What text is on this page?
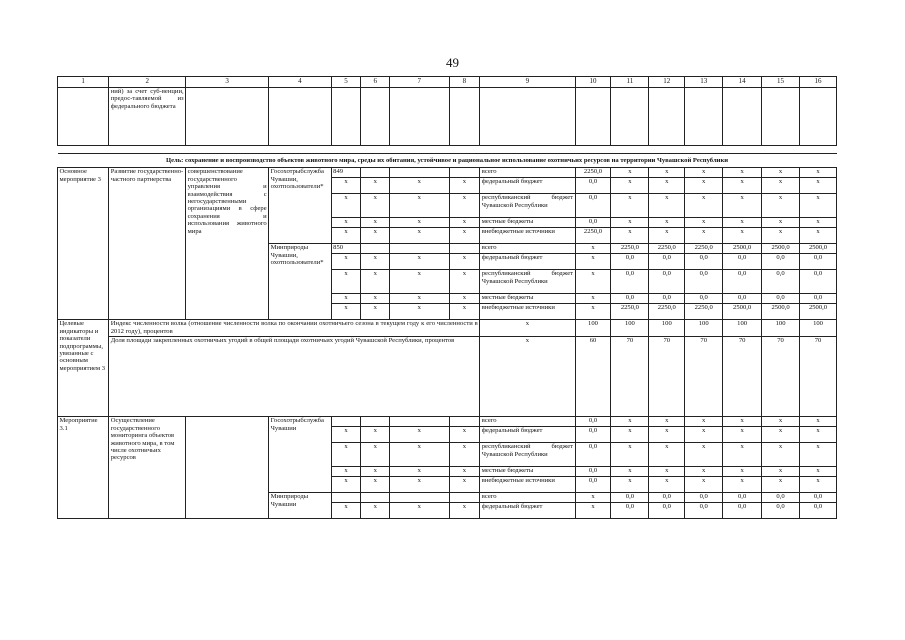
49
1	2	3	4	5	6	7	8	9	10	11	12	13	14	15	16
	ний) за счет суб-венции, предос-тавляемой из федерального бюджета														

Цель: сохранение и воспроизводство объектов животного мира, среды их обитания, устойчивое и рациональное использование охотничьих ресурсов на территории Чувашской Республики															
Основное мероприятие 3	Развитие государственно-частного партнерства	совершенствование государственного управления и взаимодействия с негосударственными организациями в сфере сохранения и использования животного мира	Госохотрыбслужба Чувашии, охотпользователи*	849				всего	2250,0	x	x	x	x	x	x
				x	x	x	x	федеральный бюджет	0,0	x	x	x	x	x	x
				x	x	x	x	республиканский бюджет Чувашской Республики	0,0	x	x	x	x	x	x
				x	x	x	x	местные бюджеты	0,0	x	x	x	x	x	x
				x	x	x	x	внебюджетные источники	2250,0	x	x	x	x	x	x
			Минприроды Чувашии, охотпользователи*	850				всего	x	2250,0	2250,0	2250,0	2500,0	2500,0	2500,0
				x	x	x	x	федеральный бюджет	x	0,0	0,0	0,0	0,0	0,0	0,0
				x	x	x	x	республиканский бюджет Чувашской Республики	x	0,0	0,0	0,0	0,0	0,0	0,0
				x	x	x	x	местные бюджеты	x	0,0	0,0	0,0	0,0	0,0	0,0
				x	x	x	x	внебюджетные источники	x	2250,0	2250,0	2250,0	2500,0	2500,0	2500,0
Целевые индикаторы и показатели подпрограммы, увязанные с основным мероприятием 3	Индекс численности волка (отношение численности волка по окончании охотничьего сезона в текущем году к его численности в 2012 году), процентов							x	100	100	100	100	100	100	100
	Доля площади закрепленных охотничьих угодий в общей площади охотничьих угодий Чувашской Республики, процентов							x	60	70	70	70	70	70	70
Мероприятие 3.1	Осуществление государственного мониторинга объектов животного мира, в том числе охотничьих ресурсов		Госохотрыбслужба Чувашии					всего	0,0	x	x	x	x	x	x
				x	x	x	x	федеральный бюджет	0,0	x	x	x	x	x	x
				x	x	x	x	республиканский бюджет Чувашской Республики	0,0	x	x	x	x	x	x
				x	x	x	x	местные бюджеты	0,0	x	x	x	x	x	x
				x	x	x	x	внебюджетные источники	0,0	x	x	x	x	x	x
			Минприроды Чувашии					всего	x	0,0	0,0	0,0	0,0	0,0	0,0
				x	x	x	x	федеральный бюджет	x	0,0	0,0	0,0	0,0	0,0	0,0
